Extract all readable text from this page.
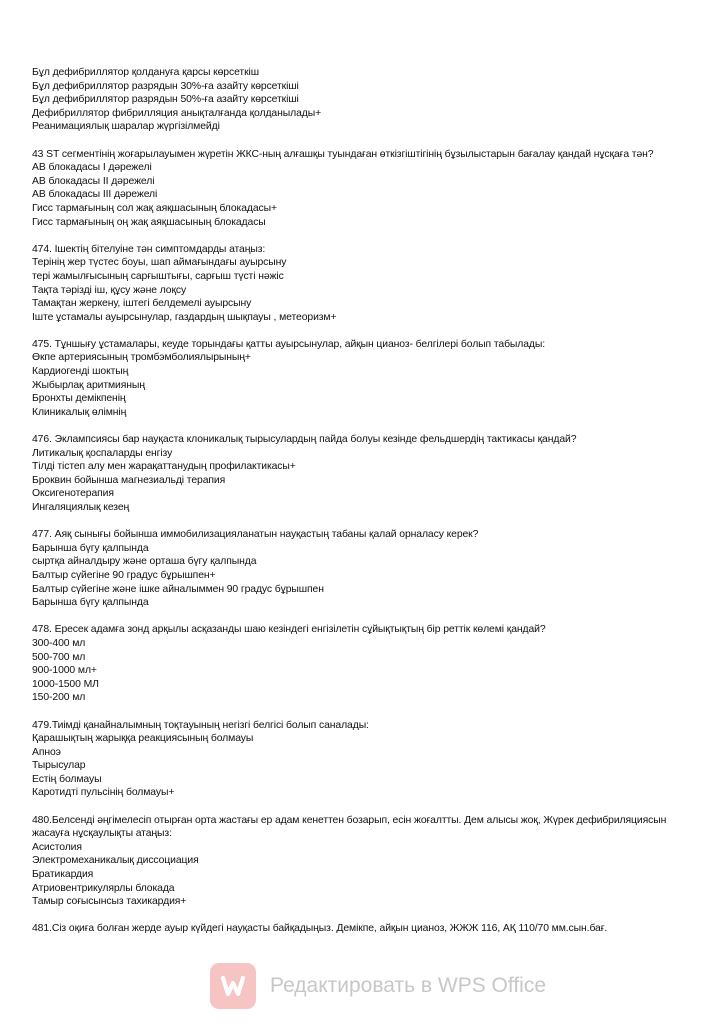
Бұл дефибриллятор қолдануға қарсы көрсеткіш
Бұл дефибриллятор разрядын 30%-ға азайту көрсеткіші
Бұл дефибриллятор разрядын 50%-ға азайту көрсеткіші
Дефибриллятор фибрилляция анықталғанда қолданылады+
Реанимациялық шаралар жүргізілмейді
43 ST сегментінің жоғарылауымен жүретін ЖКС-ның алғашқы туындаған өткізгіштігінің бұзылыстарын бағалау қандай нұсқаға тән?
АВ блокадасы I дәрежелі
АВ блокадасы II дәрежелі
АВ блокадасы III дәрежелі
Гисс тармағының сол жақ аяқшасының блокадасы+
Гисс тармағының оң жақ аяқшасының блокадасы
474. Ішектің бітелуіне тән симптомдарды атаңыз:
Терінің жер түстес боуы, шап аймағындағы ауырсыну
тері жамылғысының сарғыштығы, сарғыш түсті нәжіс
Тақта тәрізді іш, құсу және лоқсу
Тамақтан жеркену, іштегі белдемелі ауырсыну
Іште ұстамалы ауырсынулар, газдардың шықпауы , метеоризм+
475. Тұншығу ұстамалары, кеуде торындағы қатты ауырсынулар, айқын цианоз- белгілері болып табылады:
Өкпе артериясының тромбэмболиялырының+
Кардиогенді шоктың
Жыбырлақ аритмияның
Бронхты демікпенің
Клиникалық өлімнің
476. Эклампсиясы бар науқаста клоникалық тырысулардың пайда болуы кезінде фельдшердің тактикасы қандай?
Литикалық қоспаларды енгізу
Тілді тістеп алу мен жарақаттанудың профилактикасы+
Броквин бойынша магнезиальді терапия
Оксигенотерапия
Ингаляциялық кезең
477. Аяқ сынығы бойынша иммобилизацияланатын науқастың табаны қалай орналасу керек?
Барынша бүгу қалпында
сыртқа айналдыру және орташа бүгу қалпында
Балтыр сүйегіне 90 градус бұрышпен+
Балтыр сүйегіне және ішке айналыммен 90 градус бұрышпен
Барынша бүгу қалпында
478. Ересек адамға зонд арқылы асқазанды шаю кезіндегі енгізілетін сұйықтықтың бір реттік көлемі қандай?
300-400 мл
500-700 мл
900-1000 мл+
1000-1500 МЛ
150-200 мл
479.Тиімді қанайналымның тоқтауының негізгі белгісі болып саналады:
Қарашықтың жарыққа реакциясының болмауы
Апноэ
Тырысулар
Естің болмауы
Каротидті пульсінің болмауы+
480.Белсенді әңгімелесіп отырған орта жастағы ер адам кенеттен бозарып, есін жоғалтты. Дем алысы жоқ, Жүрек дефибриляциясын жасауға нұсқаулықты атаңыз:
Асистолия
Электромеханикалық диссоциация
Братикардия
Атриовентрикулярлы блокада
Тамыр соғысынсыз тахикардия+
481.Сіз оқиға болған жерде ауыр күйдегі науқасты байқадыңыз. Демікпе, айқын цианоз, ЖЖЖ 116, АҚ 110/70 мм.сын.бағ.
Редактировать в WPS Office
